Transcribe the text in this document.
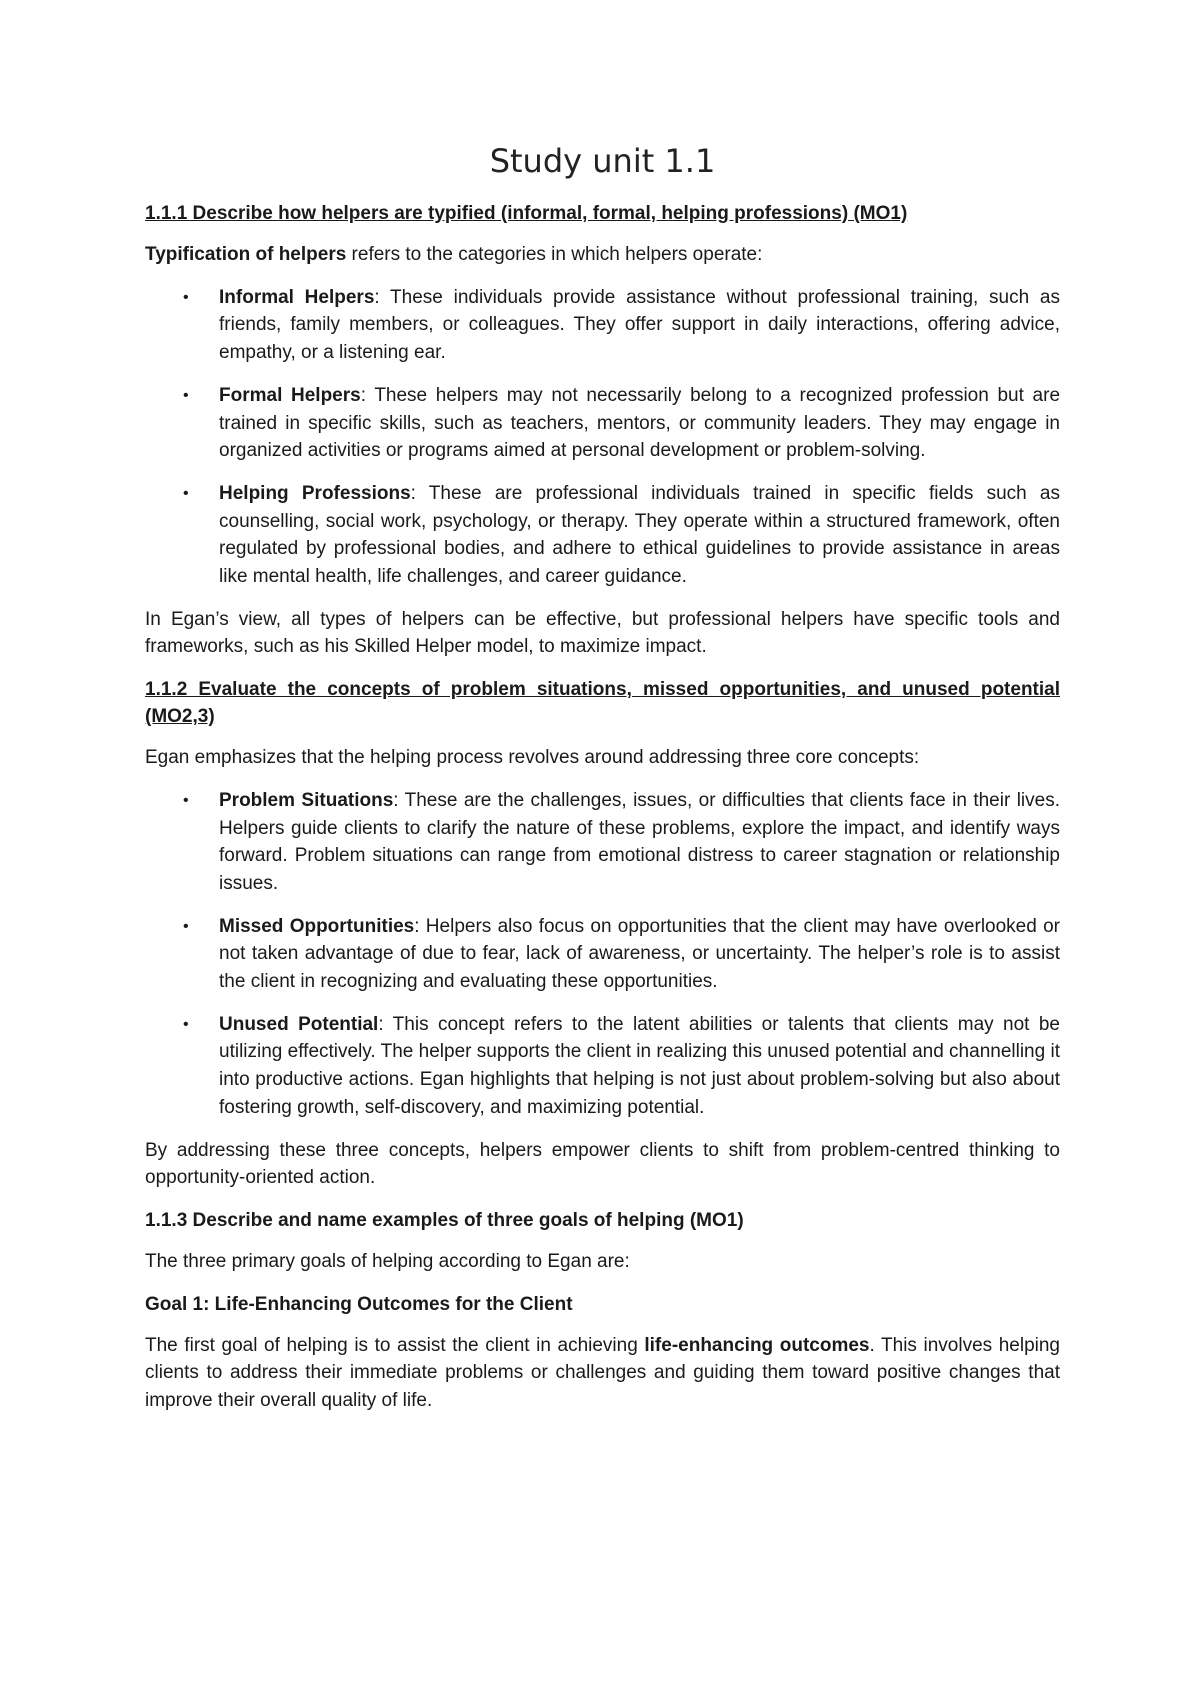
Study unit 1.1
1.1.1 Describe how helpers are typified (informal, formal, helping professions) (MO1)

Typification of helpers refers to the categories in which helpers operate:

• Informal Helpers: These individuals provide assistance without professional training, such as friends, family members, or colleagues. They offer support in daily interactions, offering advice, empathy, or a listening ear.
• Formal Helpers: These helpers may not necessarily belong to a recognized profession but are trained in specific skills, such as teachers, mentors, or community leaders. They may engage in organized activities or programs aimed at personal development or problem-solving.
• Helping Professions: These are professional individuals trained in specific fields such as counselling, social work, psychology, or therapy. They operate within a structured framework, often regulated by professional bodies, and adhere to ethical guidelines to provide assistance in areas like mental health, life challenges, and career guidance.

In Egan’s view, all types of helpers can be effective, but professional helpers have specific tools and frameworks, such as his Skilled Helper model, to maximize impact.

1.1.2 Evaluate the concepts of problem situations, missed opportunities, and unused potential (MO2,3)

Egan emphasizes that the helping process revolves around addressing three core concepts:

• Problem Situations: These are the challenges, issues, or difficulties that clients face in their lives. Helpers guide clients to clarify the nature of these problems, explore the impact, and identify ways forward. Problem situations can range from emotional distress to career stagnation or relationship issues.
• Missed Opportunities: Helpers also focus on opportunities that the client may have overlooked or not taken advantage of due to fear, lack of awareness, or uncertainty. The helper’s role is to assist the client in recognizing and evaluating these opportunities.
• Unused Potential: This concept refers to the latent abilities or talents that clients may not be utilizing effectively. The helper supports the client in realizing this unused potential and channelling it into productive actions. Egan highlights that helping is not just about problem-solving but also about fostering growth, self-discovery, and maximizing potential.

By addressing these three concepts, helpers empower clients to shift from problem-centred thinking to opportunity-oriented action.

1.1.3 Describe and name examples of three goals of helping (MO1)

The three primary goals of helping according to Egan are:

Goal 1: Life-Enhancing Outcomes for the Client

The first goal of helping is to assist the client in achieving life-enhancing outcomes. This involves helping clients to address their immediate problems or challenges and guiding them toward positive changes that improve their overall quality of life.
